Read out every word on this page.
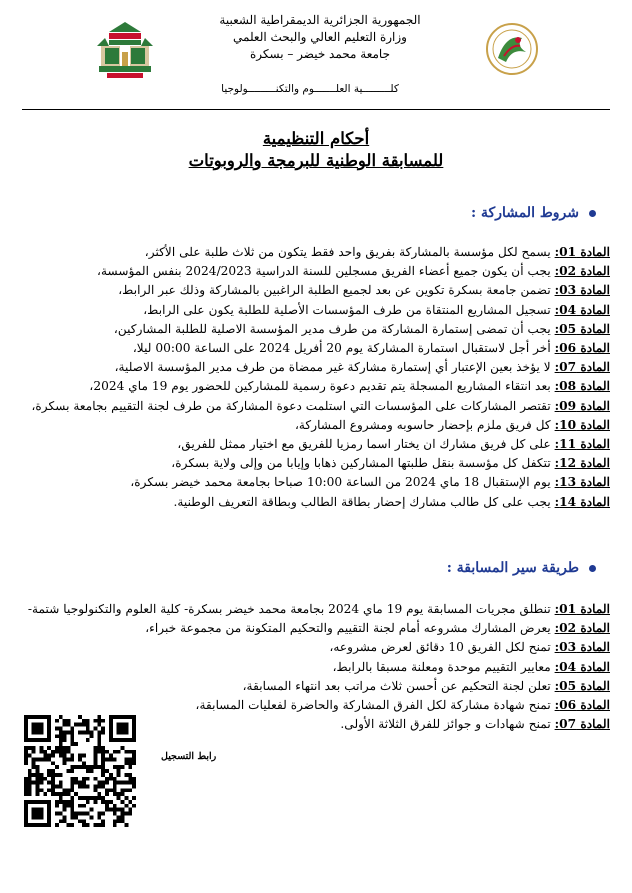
الجمهورية الجزائرية الديمقراطية الشعبية
وزارة التعليم العالي والبحث العلمي
جامعة محمد خيضر – بسكرة
كلـــــــــية العلـــــــوم والتكنـــــــــولوجيا
أحكام التنظيمية
للمسابقة الوطنية للبرمجة والروبوتات
شروط المشاركة :
المادة 01: يسمح لكل مؤسسة بالمشاركة بفريق واحد فقط يتكون من ثلاث طلبة على الأكثر،
المادة 02: يجب أن يكون جميع أعضاء الفريق مسجلين للسنة الدراسية 2024/2023 بنفس المؤسسة،
المادة 03: تضمن جامعة بسكرة تكوين عن بعد لجميع الطلبة الراغبين بالمشاركة وذلك عبر الرابط،
المادة 04: تسجيل المشاريع المنتقاة من طرف المؤسسات الأصلية للطلبة يكون على الرابط،
المادة 05: يجب أن تمضى إستمارة المشاركة من طرف مدير المؤسسة الاصلية للطلبة المشاركين،
المادة 06: أخر أجل لاستقبال استمارة المشاركة يوم 20 أفريل 2024 على الساعة 00:00 ليلا،
المادة 07: لا يؤخذ بعين الإعتبار أي إستمارة مشاركة غير ممضاة من طرف مدير المؤسسة الاصلية،
المادة 08: بعد انتقاء المشاريع المسجلة يتم تقديم دعوة رسمية للمشاركين للحضور يوم 19 ماي 2024،
المادة 09: تقتصر المشاركات على المؤسسات التي استلمت دعوة المشاركة من طرف لجنة التقييم بجامعة بسكرة،
المادة 10: كل فريق ملزم بإحضار حاسوبه ومشروع المشاركة،
المادة 11: على كل فريق مشارك ان يختار اسما رمزيا للفريق مع اختيار ممثل للفريق،
المادة 12: تتكفل كل مؤسسة بنقل طلبتها المشاركين ذهابا وإيابا من وإلى ولاية بسكرة،
المادة 13: يوم الإستقبال 18 ماي 2024 من الساعة 10:00 صباحا بجامعة محمد خيضر بسكرة،
المادة 14: يجب على كل طالب مشارك إحضار بطاقة الطالب وبطاقة التعريف الوطنية.
طريقة سير المسابقة :
المادة 01: تنطلق مجريات المسابقة يوم 19 ماي 2024 بجامعة محمد خيضر بسكرة- كلية العلوم والتكنولوجيا شتمة-
المادة 02: يعرض المشارك مشروعه أمام لجنة التقييم والتحكيم المتكونة من مجموعة خبراء،
المادة 03: تمنح لكل الفريق 10 دقائق لعرض مشروعه،
المادة 04: معايير التقييم موحدة ومعلنة مسبقا بالرابط،
المادة 05: تعلن لجنة التحكيم عن أحسن ثلاث مراتب بعد انتهاء المسابقة،
المادة 06: تمنح شهادة مشاركة لكل الفرق المشاركة والحاضرة لفعليات المسابقة،
المادة 07: تمنح شهادات و جوائز للفرق الثلاثة الأولى.
رابط التسجيل
